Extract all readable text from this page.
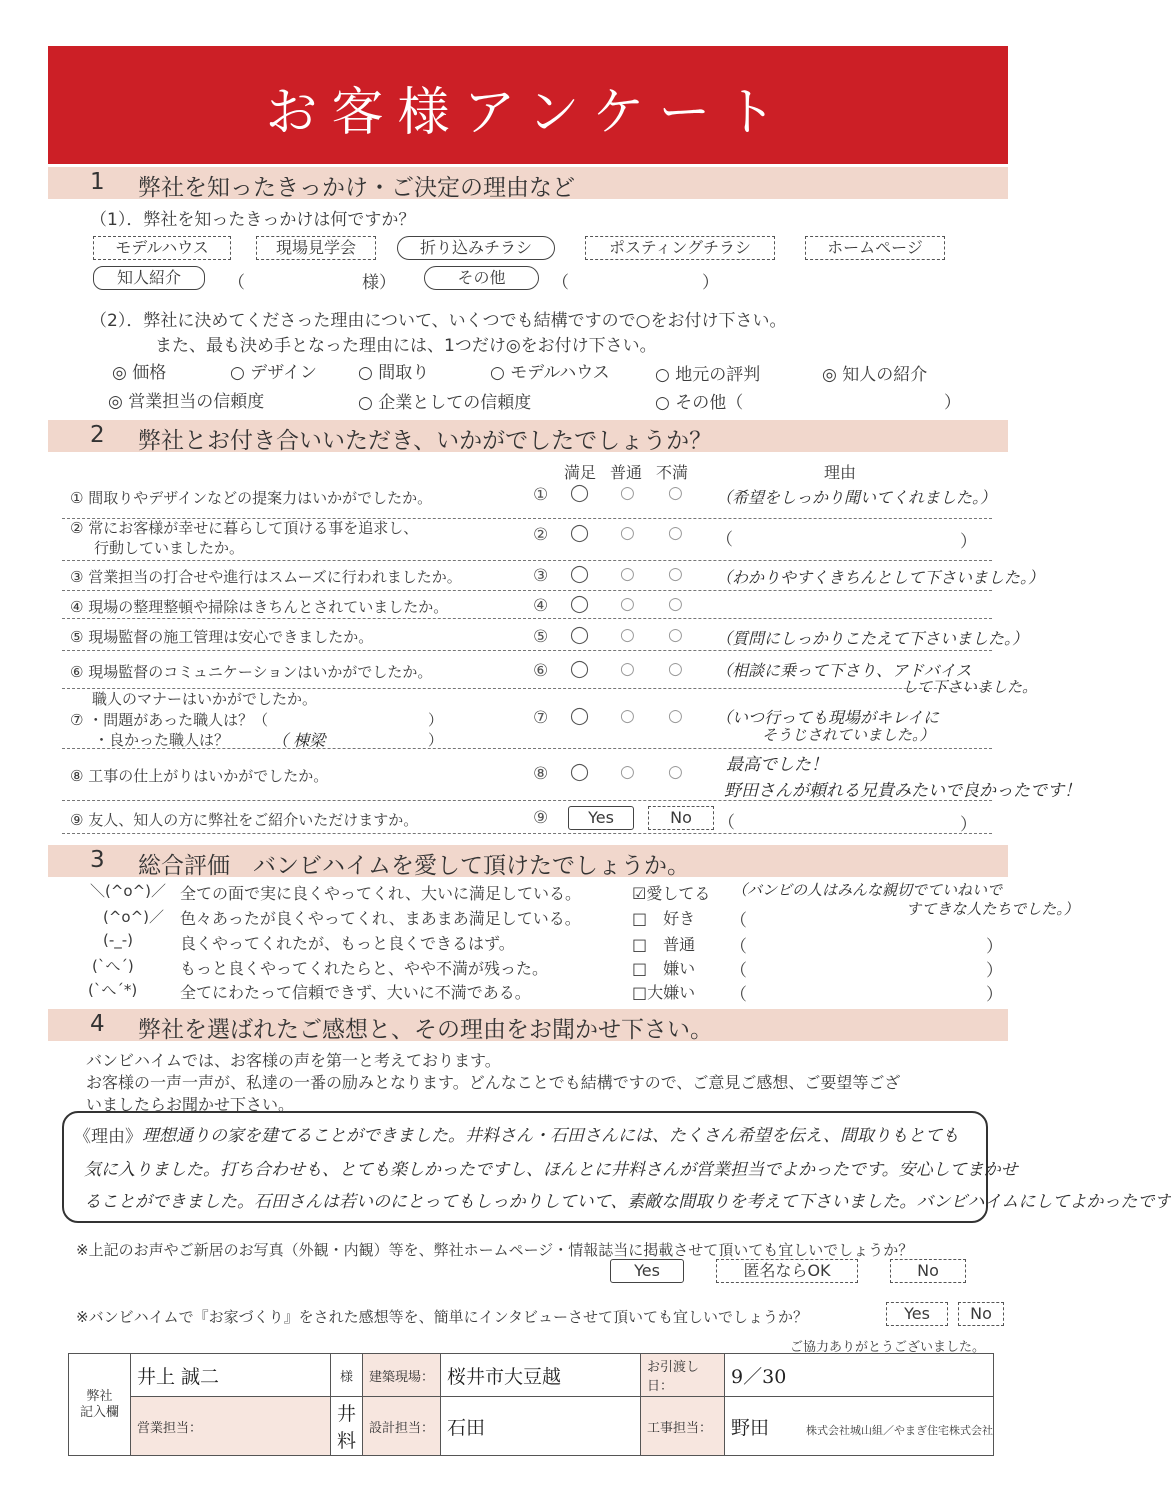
お客様アンケート
1 弊社を知ったきっかけ・ご決定の理由など
（1）．弊社を知ったきっかけは何ですか？
モデルハウス	現場見学会	折り込みチラシ	ポスティングチラシ	ホームページ
知人紹介	（	様）	その他	（	）
（2）．弊社に決めてくださった理由について、いくつでも結構ですので○をお付け下さい。
また、最も決め手となった理由には、1つだけ◎をお付け下さい。
◎ 価格	○ デザイン ○ 間取り	○ モデルハウス	○ 地元の評判	◎ 知人の紹介
◎ 営業担当の信頼度	○ 企業としての信頼度	○ その他（	）
2 弊社とお付き合いいただき、いかがでしたでしょうか？
満足 普通 不満	理由
① 間取りやデザインなどの提案力はいかがでしたか。	① ◯ ○ ○ （希望をしっかり聞いてくれました。）
② 常にお客様が幸せに暮らして頂ける事を追求し、
行動していましたか。
② ◯ ○ ○ （	）
③ 営業担当の打合せや進行はスムーズに行われましたか。	③ ◯ ○ ○ （わかりやすくきちんとして下さいました。）
④ 現場の整理整頓や掃除はきちんとされていましたか。	④ ◯ ○ ○
⑤ 現場監督の施工管理は安心できましたか。	⑤ ◯ ○ ○ （質問にしっかりこたえて下さいました。）
⑥ 現場監督のコミュニケーションはいかがでしたか。	⑥ ◯ ○ ○ （相談に乗って下さり、アドバイス
して下さいました。
職人のマナーはいかがでしたか。
⑦ ・問題があった職人は？（	）
・良かった職人は？	（ 棟梁	）
⑦ ◯ ○ ○ （いつ行っても現場がキレイに
そうじされていました。）
⑧ 工事の仕上がりはいかがでしたか。	⑧ ◯ ○ ○	最高でした！
野田さんが頼れる兄貴みたいで良かったです！
⑨ 友人、知人の方に弊社をご紹介いただけますか。	⑨	Yes	No	（	）
3 総合評価　バンビハイムを愛して頂けたでしょうか。
＼(^o^)／ 全ての面で実に良くやってくれ、大いに満足している。	☑愛してる （バンビの人はみんな親切でていねいで
すてきな人たちでした。）
(^o^)／ 色々あったが良くやってくれ、まあまあ満足している。	□　好き （
(-_-)	良くやってくれたが、もっと良くできるはず。	□　普通 （	）
(`へ´)	もっと良くやってくれたらと、やや不満が残った。	□　嫌い （	）
(`へ´*)	全てにわたって信頼できず、大いに不満である。	□大嫌い （	）
4 弊社を選ばれたご感想と、その理由をお聞かせ下さい。
バンビハイムでは、お客様の声を第一と考えております。
お客様の一声一声が、私達の一番の励みとなります。どんなことでも結構ですので、ご意見ご感想、ご要望等ござ
いましたらお聞かせ下さい。
《理由》 理想通りの家を建てることができました。井料さん・石田さんには、たくさん希望を伝え、間取りもとても
気に入りました。打ち合わせも、とても楽しかったですし、ほんとに井料さんが営業担当でよかったです。安心してまかせ
ることができました。石田さんは若いのにとってもしっかりしていて、素敵な間取りを考えて下さいました。バンビハイムにしてよかったです
※上記のお声やご新居のお写真（外観・内観）等を、弊社ホームページ・情報誌当に掲載させて頂いても宜しいでしょうか？
Yes	匿名ならOK	No
※バンビハイムで『お家づくり』をされた感想等を、簡単にインタビューさせて頂いても宜しいでしょうか？	Yes	No
ご協力ありがとうございました。
弊社
記入欄	井上 誠二	様	建築現場：	桜井市大豆越	お引渡し日：	9／30
	営業担当：	井料	設計担当：	石田	工事担当：	野田	株式会社城山組／やまぎ住宅株式会社
